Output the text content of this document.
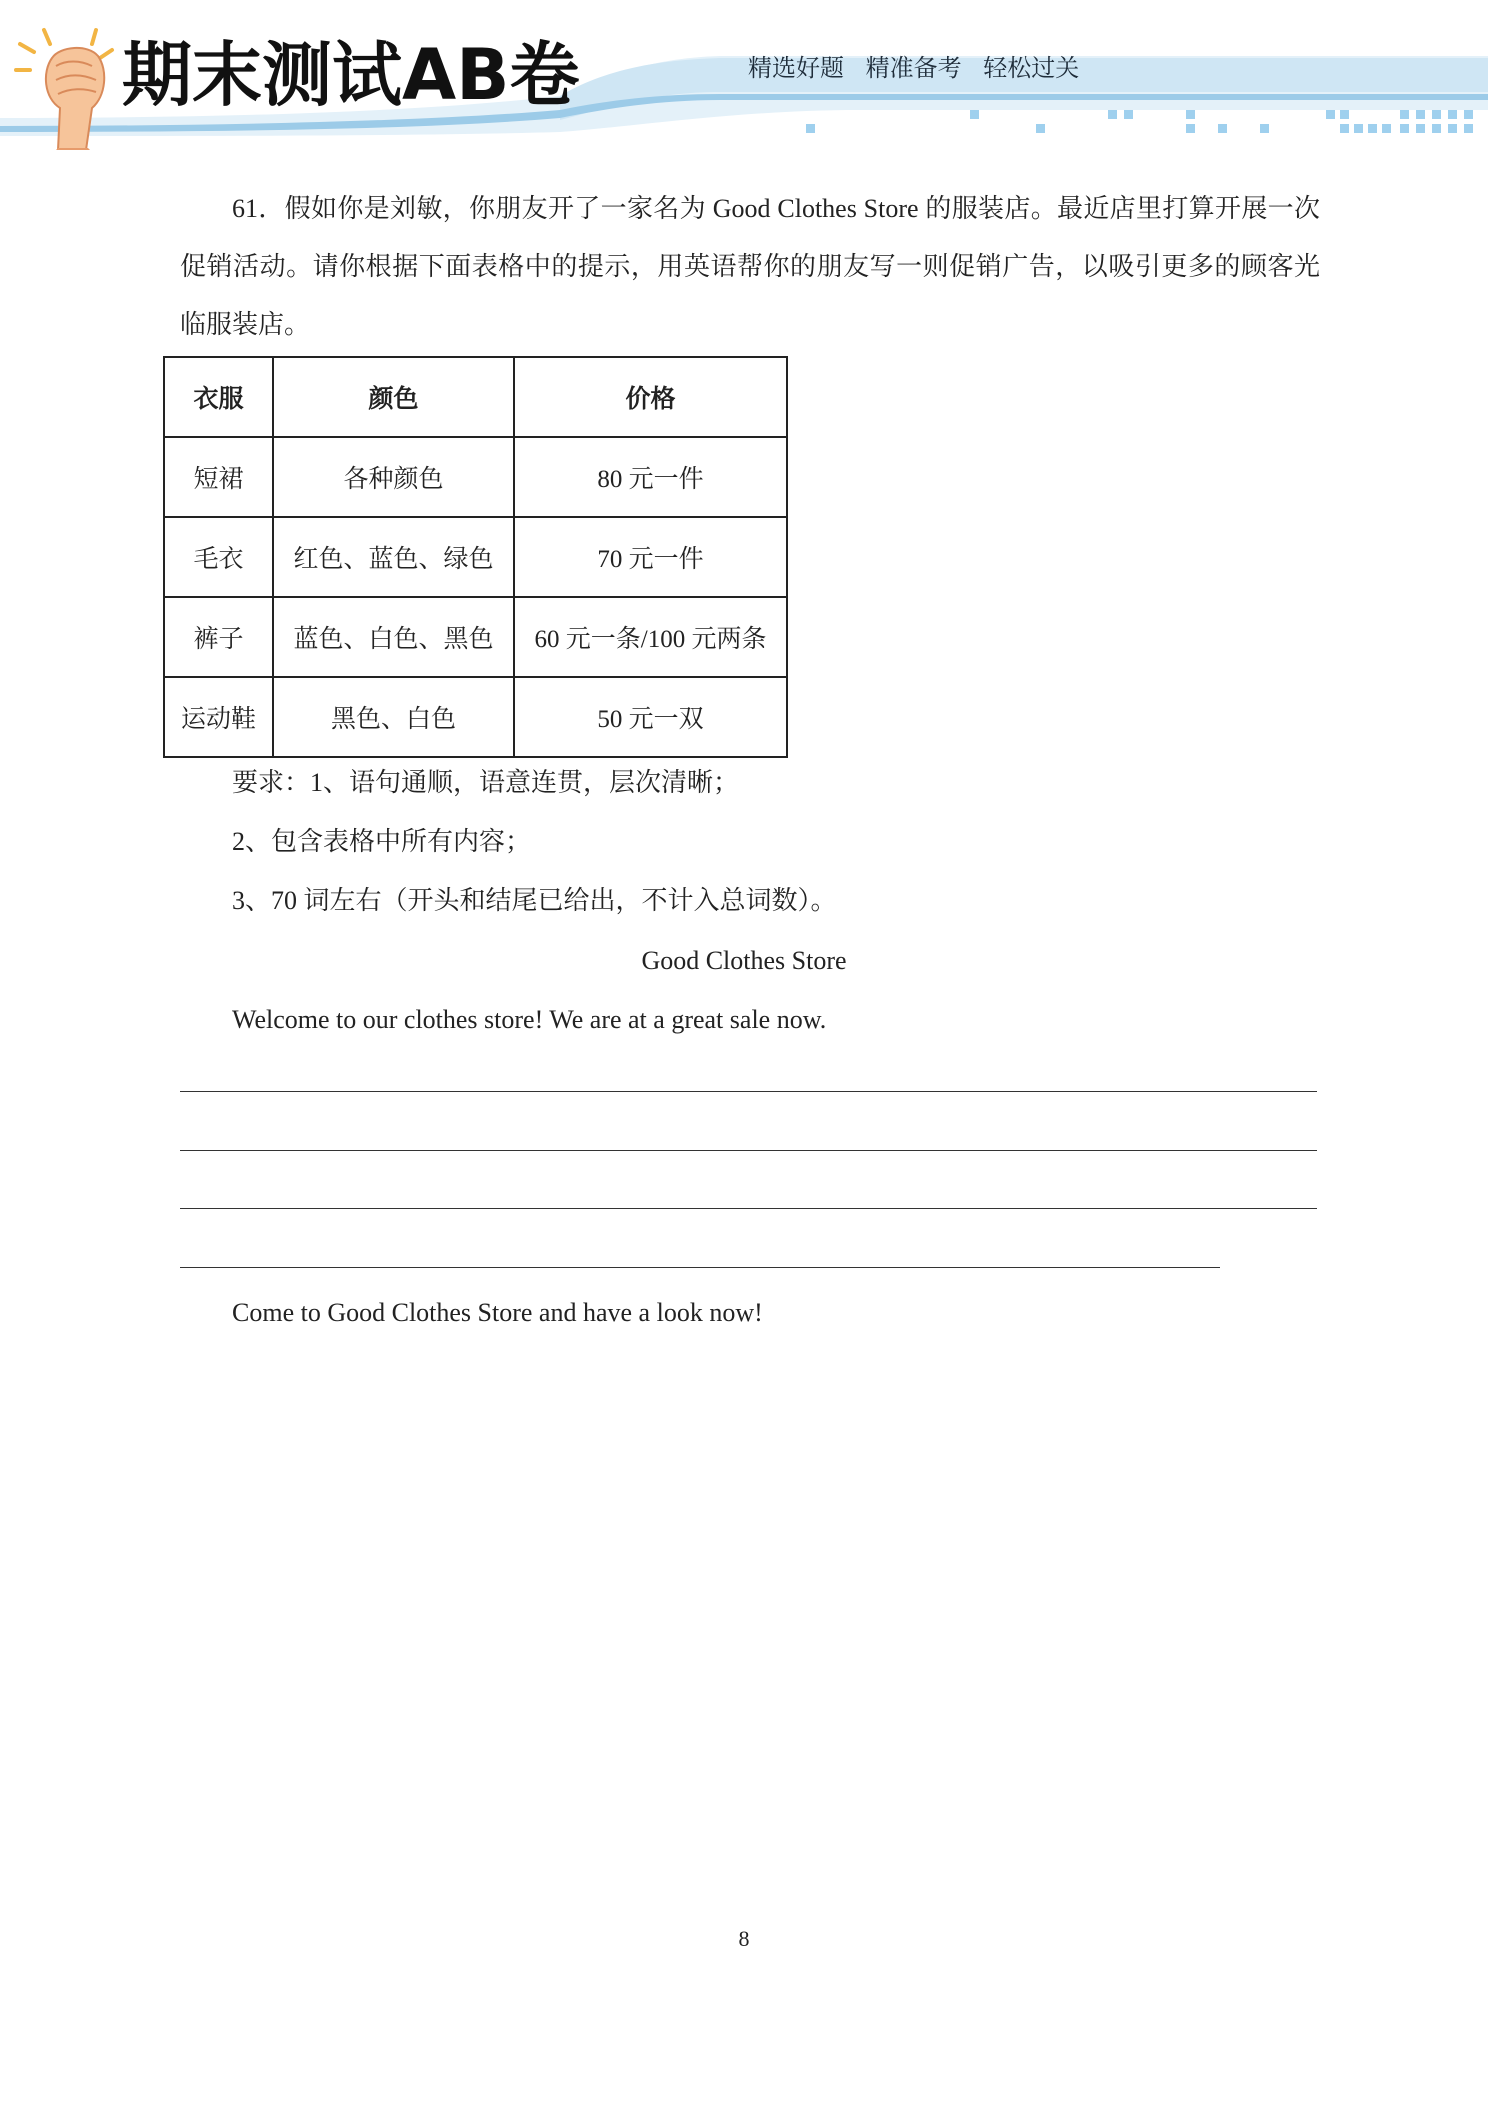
期末测试AB卷	精选好题 精准备考 轻松过关

61．假如你是刘敏，你朋友开了一家名为 Good Clothes Store 的服装店。最近店里打算开展一次促销活动。请你根据下面表格中的提示，用英语帮你的朋友写一则促销广告，以吸引更多的顾客光临服装店。

衣服	颜色	价格
短裙	各种颜色	80 元一件
毛衣	红色、蓝色、绿色	70 元一件
裤子	蓝色、白色、黑色	60 元一条/100 元两条
运动鞋	黑色、白色	50 元一双
要求：1、语句通顺，语意连贯，层次清晰；
2、包含表格中所有内容；
3、70 词左右（开头和结尾已给出，不计入总词数）。
Good Clothes Store
Welcome to our clothes store! We are at a great sale now.
Come to Good Clothes Store and have a look now!
8
